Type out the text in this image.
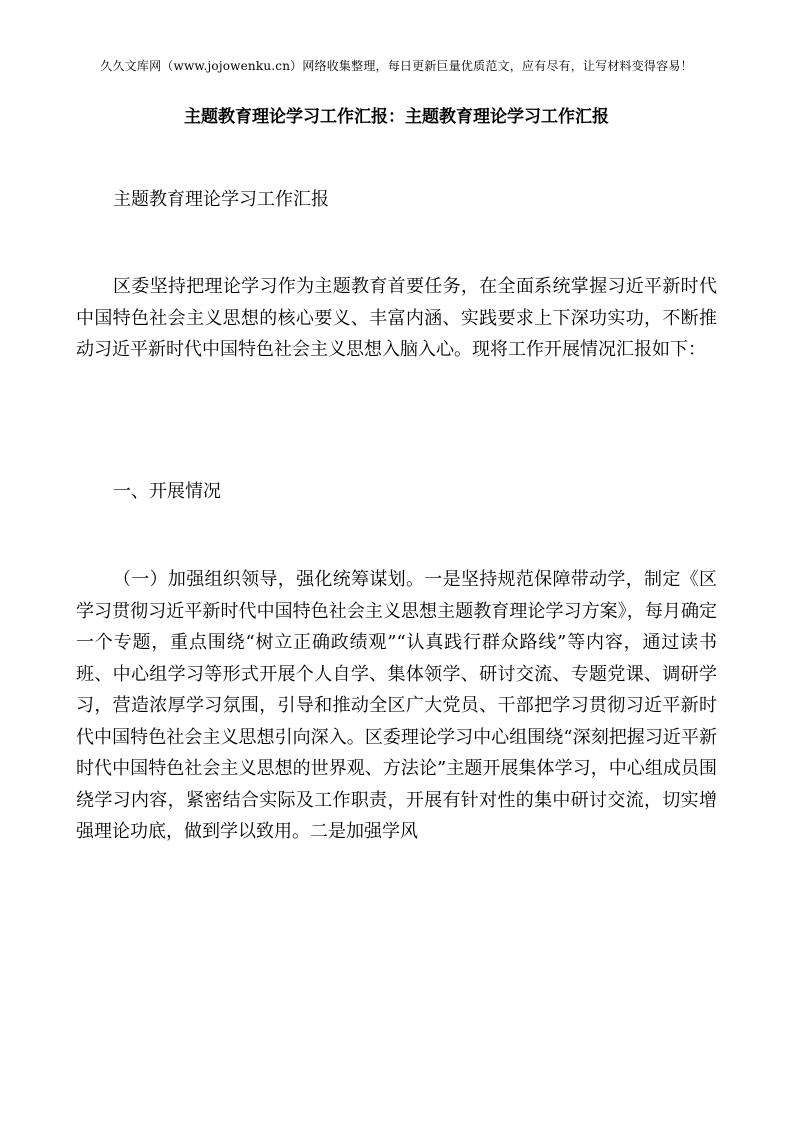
久久文库网（www.jojowenku.cn）网络收集整理，每日更新巨量优质范文，应有尽有，让写材料变得容易！
主题教育理论学习工作汇报：主题教育理论学习工作汇报
主题教育理论学习工作汇报
区委坚持把理论学习作为主题教育首要任务，在全面系统掌握习近平新时代中国特色社会主义思想的核心要义、丰富内涵、实践要求上下深功实功，不断推动习近平新时代中国特色社会主义思想入脑入心。现将工作开展情况汇报如下：
一、开展情况
（一）加强组织领导，强化统筹谋划。一是坚持规范保障带动学，制定《区学习贯彻习近平新时代中国特色社会主义思想主题教育理论学习方案》，每月确定一个专题，重点围绕“树立正确政绩观”“认真践行群众路线”等内容，通过读书班、中心组学习等形式开展个人自学、集体领学、研讨交流、专题党课、调研学习，营造浓厚学习氛围，引导和推动全区广大党员、干部把学习贯彻习近平新时代中国特色社会主义思想引向深入。区委理论学习中心组围绕“深刻把握习近平新时代中国特色社会主义思想的世界观、方法论”主题开展集体学习，中心组成员围绕学习内容，紧密结合实际及工作职责，开展有针对性的集中研讨交流，切实增强理论功底，做到学以致用。二是加强学风
